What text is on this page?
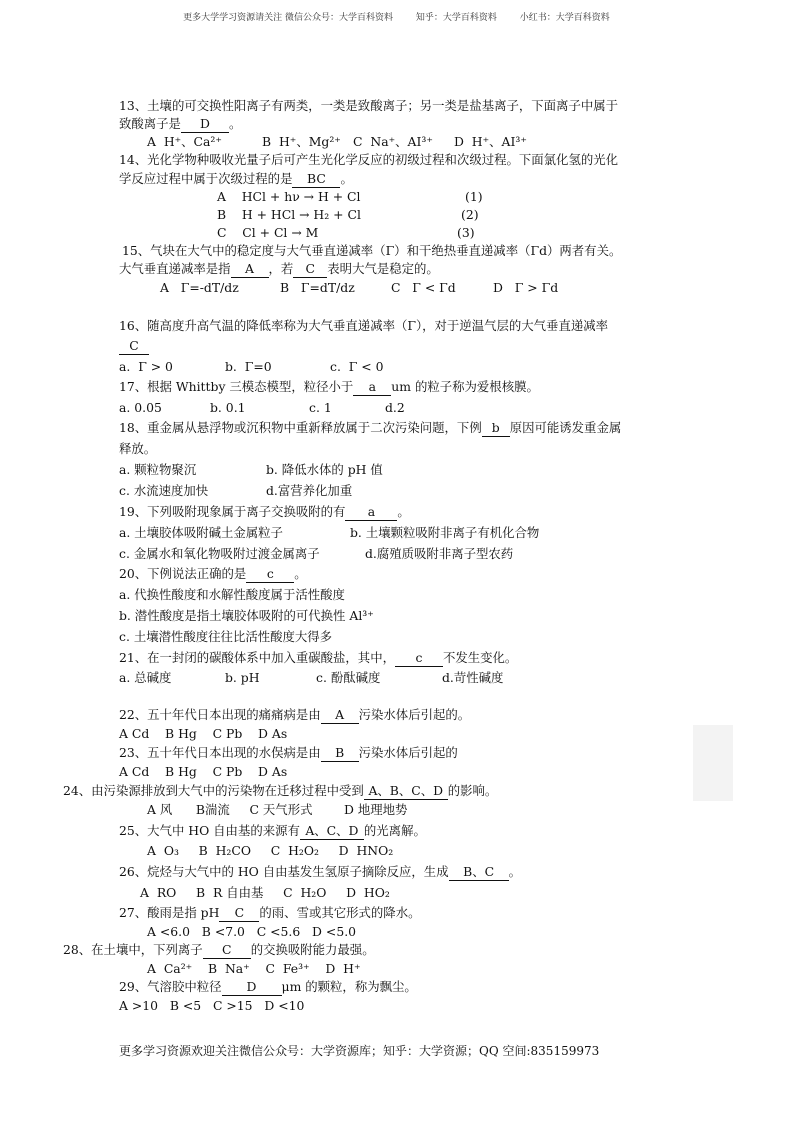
更多大学学习资源请关注 微信公众号：大学百科资料        知乎：大学百科资料        小红书：大学百科资料
13、土壤的可交换性阳离子有两类，一类是致酸离子；另一类是盐基离子，下面离子中属于
致酸离子是 D 。
A  H⁺、Ca²⁺	B  H⁺、Mg²⁺ C  Na⁺、AI³⁺ D  H⁺、AI³⁺
14、光化学物种吸收光量子后可产生光化学反应的初级过程和次级过程。下面氯化氢的光化
学反应过程中属于次级过程的是 BC 。
A    HCl + hν → H + Cl	(1)
B    H + HCl → H₂ + Cl	(2)
C    Cl + Cl → M	(3)
15、气块在大气中的稳定度与大气垂直递减率（Γ）和干绝热垂直递减率（Γd）两者有关。
大气垂直递减率是指 A ，若 C 表明大气是稳定的。
A   Γ=-dT/dz	B   Γ=dT/dz	C   Γ < Γd	D   Γ > Γd
16、随高度升高气温的降低率称为大气垂直递减率（Γ），对于逆温气层的大气垂直递减率
C
a.  Γ > 0	b.  Γ=0	c.  Γ < 0
17、根据 Whittby 三模态模型，粒径小于 a um 的粒子称为爱根核膜。
a. 0.05	b. 0.1	c. 1	d.2
18、重金属从悬浮物或沉积物中重新释放属于二次污染问题，下例 b 原因可能诱发重金属
释放。
a. 颗粒物聚沉	b. 降低水体的 pH 值
c. 水流速度加快	d.富营养化加重
19、下列吸附现象属于离子交换吸附的有 a 。
a. 土壤胶体吸附碱土金属粒子	b. 土壤颗粒吸附非离子有机化合物
c. 金属水和氧化物吸附过渡金属离子	d.腐殖质吸附非离子型农药
20、下例说法正确的是 c 。
a. 代换性酸度和水解性酸度属于活性酸度
b. 潜性酸度是指土壤胶体吸附的可代换性 Al³⁺
c. 土壤潜性酸度往往比活性酸度大得多
21、在一封闭的碳酸体系中加入重碳酸盐，其中， c 不发生变化。
a. 总碱度	b. pH	c. 酚酞碱度	d.苛性碱度
22、五十年代日本出现的痛痛病是由 A 污染水体后引起的。
A Cd    B Hg    C Pb    D As
23、五十年代日本出现的水俣病是由 B 污染水体后引起的
A Cd    B Hg    C Pb    D As
24、由污染源排放到大气中的污染物在迁移过程中受到 A、B、C、D 的影响。
A 风      B湍流     C 天气形式        D 地理地势
25、大气中 HO 自由基的来源有 A、C、D 的光离解。
A  O₃     B  H₂CO     C  H₂O₂     D  HNO₂
26、烷烃与大气中的 HO 自由基发生氢原子摘除反应，生成 B、C 。
A  RO     B  R 自由基     C  H₂O     D  HO₂
27、酸雨是指 pH C 的雨、雪或其它形式的降水。
A <6.0   B <7.0   C <5.6   D <5.0
28、在土壤中，下列离子 C 的交换吸附能力最强。
A  Ca²⁺    B  Na⁺    C  Fe³⁺    D  H⁺
29、气溶胶中粒径 D μm 的颗粒，称为飘尘。
A >10   B <5   C >15   D <10
更多学习资源欢迎关注微信公众号：大学资源库；知乎：大学资源；QQ 空间:835159973
